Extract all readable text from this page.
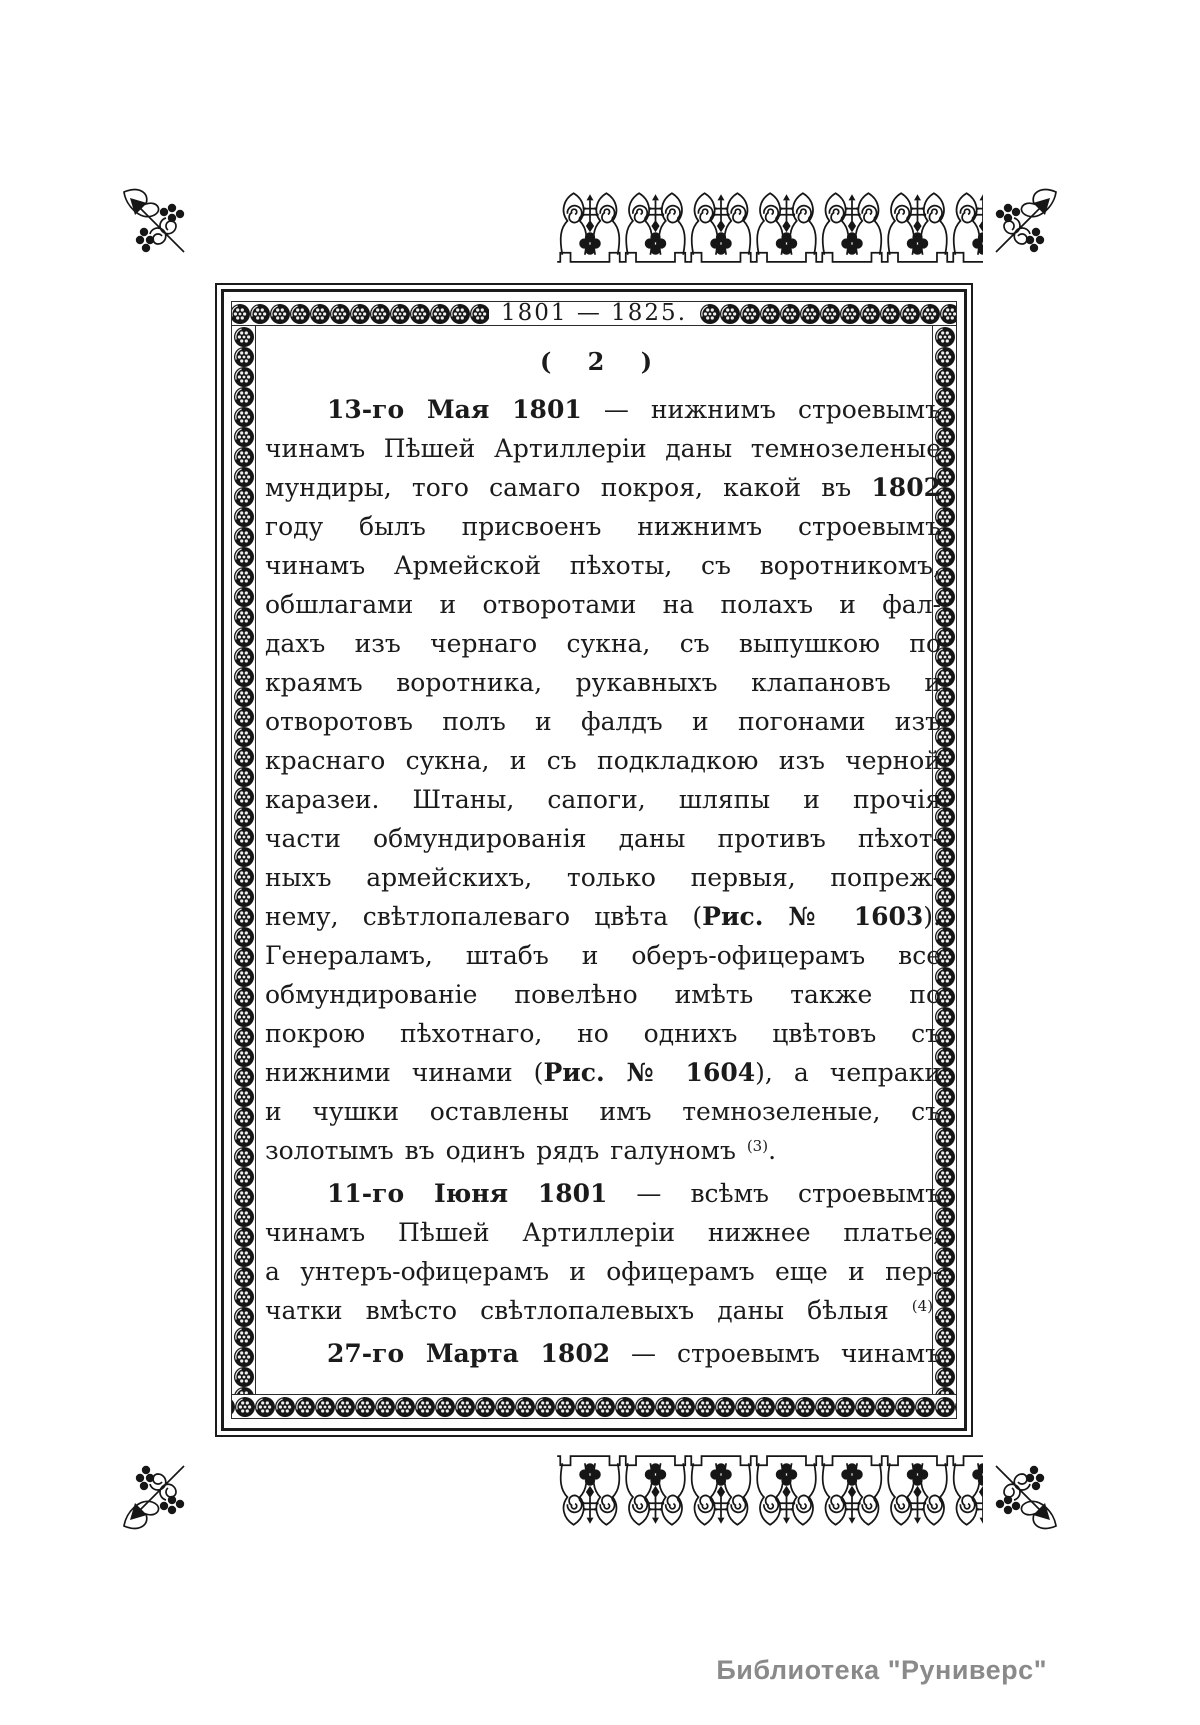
1801 — 1825.
( 2 )
13-го Мая 1801 — нижнимъ строевымъ
чинамъ Пѣшей Артиллеріи даны темнозеленые
мундиры, того самаго покроя, какой въ 1802
году былъ присвоенъ нижнимъ строевымъ
чинамъ Армейской пѣхоты, съ воротникомъ,
обшлагами и отворотами на полахъ и фал-
дахъ изъ чернаго сукна, съ выпушкою по
краямъ воротника, рукавныхъ клапановъ и
отворотовъ полъ и фалдъ и погонами изъ
краснаго сукна, и съ подкладкою изъ черной
каразеи. Штаны, сапоги, шляпы и прочія
части обмундированія даны противъ пѣхот-
ныхъ армейскихъ, только первыя, попреж-
нему, свѣтлопалеваго цвѣта (Рис. № 1603).
Генераламъ, штабъ и оберъ-офицерамъ все
обмундированіе повелѣно имѣть также по
покрою пѣхотнаго, но однихъ цвѣтовъ съ
нижними чинами (Рис. № 1604), а чепраки
и чушки оставлены имъ темнозеленые, съ
золотымъ въ одинъ рядъ галуномъ $^{(3)}$.
11-го Іюня 1801 — всѣмъ строевымъ
чинамъ Пѣшей Артиллеріи нижнее платье,
а унтеръ-офицерамъ и офицерамъ еще и пер-
чатки вмѣсто свѣтлопалевыхъ даны бѣлыя $^{(4)}$.
27-го Марта 1802 — строевымъ чинамъ
Библиотека "Руниверс"
